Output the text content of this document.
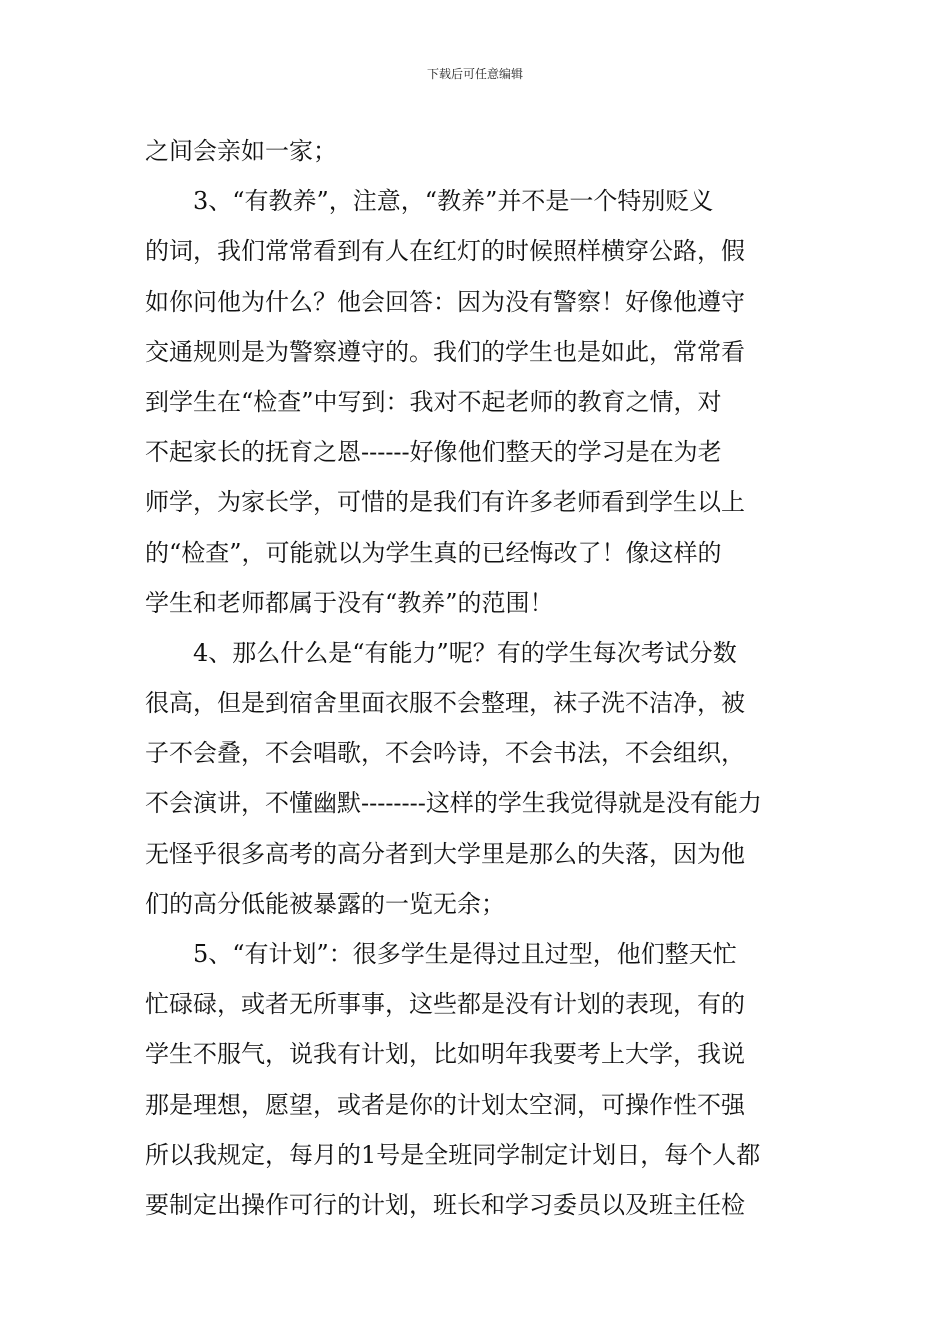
下载后可任意编辑
之间会亲如一家；
3、“有教养”，注意，“教养”并不是一个特别贬义
的词，我们常常看到有人在红灯的时候照样横穿公路，假
如你问他为什么？他会回答：因为没有警察！好像他遵守
交通规则是为警察遵守的。我们的学生也是如此，常常看
到学生在“检查”中写到：我对不起老师的教育之情，对
不起家长的抚育之恩------好像他们整天的学习是在为老
师学，为家长学，可惜的是我们有许多老师看到学生以上
的“检查”，可能就以为学生真的已经悔改了！像这样的
学生和老师都属于没有“教养”的范围！
4、那么什么是“有能力”呢？有的学生每次考试分数
很高，但是到宿舍里面衣服不会整理，袜子洗不洁净，被
子不会叠，不会唱歌，不会吟诗，不会书法，不会组织，
不会演讲，不懂幽默--------这样的学生我觉得就是没有能力
无怪乎很多高考的高分者到大学里是那么的失落，因为他
们的高分低能被暴露的一览无余；
5、“有计划”：很多学生是得过且过型，他们整天忙
忙碌碌，或者无所事事，这些都是没有计划的表现，有的
学生不服气，说我有计划，比如明年我要考上大学，我说
那是理想，愿望，或者是你的计划太空洞，可操作性不强
所以我规定，每月的1号是全班同学制定计划日，每个人都
要制定出操作可行的计划，班长和学习委员以及班主任检
